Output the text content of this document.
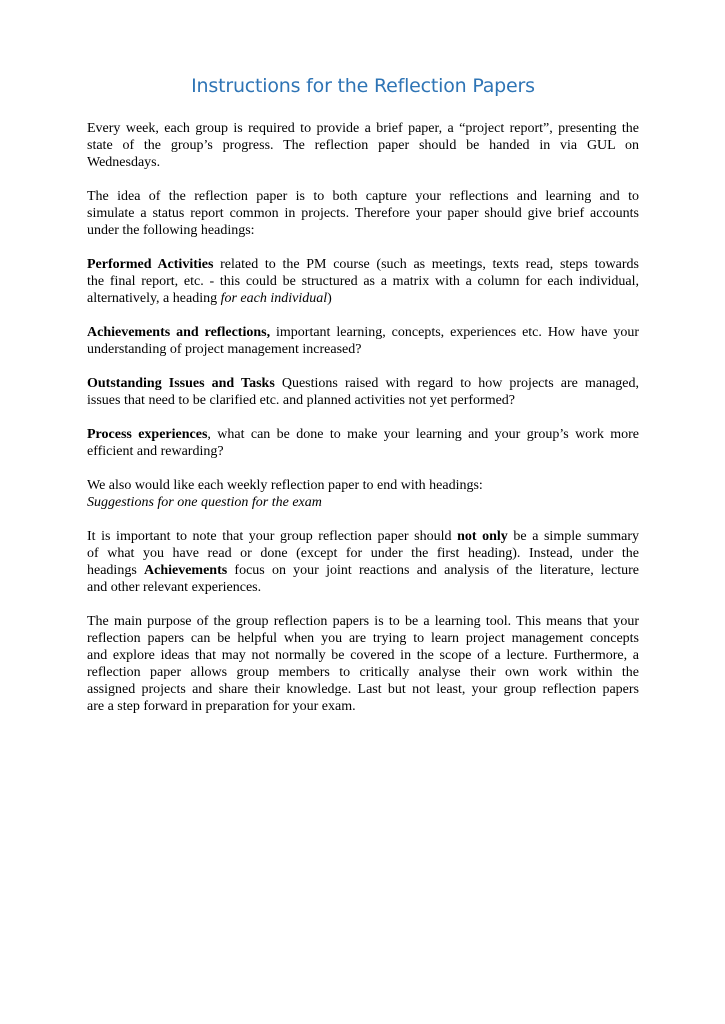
Instructions for the Reflection Papers

Every week, each group is required to provide a brief paper, a “project report”, presenting the
state of the group’s progress. The reflection paper should be handed in via GUL on
Wednesdays.

The idea of the reflection paper is to both capture your reflections and learning and to
simulate a status report common in projects. Therefore your paper should give brief accounts
under the following headings:

Performed Activities related to the PM course (such as meetings, texts read, steps towards
the final report, etc. - this could be structured as a matrix with a column for each individual,
alternatively, a heading for each individual)

Achievements and reflections, important learning, concepts, experiences etc. How have your
understanding of project management increased?

Outstanding Issues and Tasks Questions raised with regard to how projects are managed,
issues that need to be clarified etc. and planned activities not yet performed?

Process experiences, what can be done to make your learning and your group’s work more
efficient and rewarding?

We also would like each weekly reflection paper to end with headings:
Suggestions for one question for the exam

It is important to note that your group reflection paper should not only be a simple summary
of what you have read or done (except for under the first heading). Instead, under the
headings Achievements focus on your joint reactions and analysis of the literature, lecture
and other relevant experiences.

The main purpose of the group reflection papers is to be a learning tool. This means that your
reflection papers can be helpful when you are trying to learn project management concepts
and explore ideas that may not normally be covered in the scope of a lecture. Furthermore, a
reflection paper allows group members to critically analyse their own work within the
assigned projects and share their knowledge. Last but not least, your group reflection papers
are a step forward in preparation for your exam.
